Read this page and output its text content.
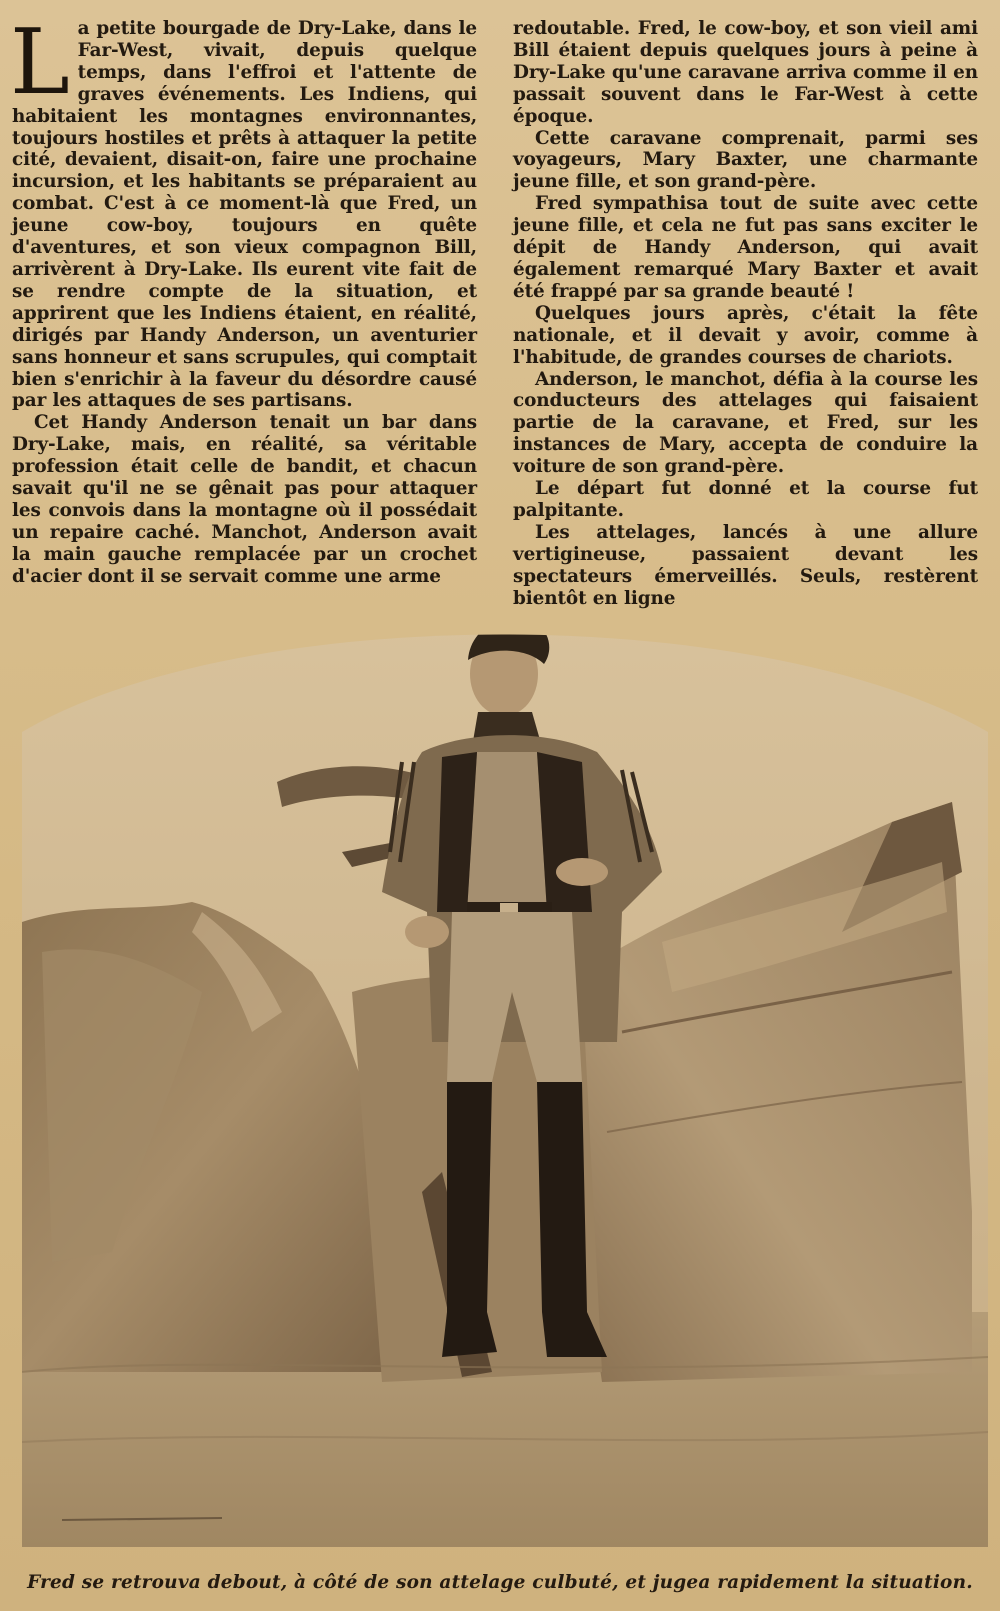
La petite bourgade de Dry-Lake, dans le Far-West, vivait, depuis quelque temps, dans l'effroi et l'attente de graves événements. Les Indiens, qui habitaient les montagnes environnantes, toujours hostiles et prêts à attaquer la petite cité, devaient, disait-on, faire une prochaine incursion, et les habitants se préparaient au combat. C'est à ce moment-là que Fred, un jeune cow-boy, toujours en quête d'aventures, et son vieux compagnon Bill, arrivèrent à Dry-Lake. Ils eurent vite fait de se rendre compte de la situation, et apprirent que les Indiens étaient, en réalité, dirigés par Handy Anderson, un aventurier sans honneur et sans scrupules, qui comptait bien s'enrichir à la faveur du désordre causé par les attaques de ses partisans.

Cet Handy Anderson tenait un bar dans Dry-Lake, mais, en réalité, sa véritable profession était celle de bandit, et chacun savait qu'il ne se gênait pas pour attaquer les convois dans la montagne où il possédait un repaire caché. Manchot, Anderson avait la main gauche remplacée par un crochet d'acier dont il se servait comme une arme

redoutable. Fred, le cow-boy, et son vieil ami Bill étaient depuis quelques jours à peine à Dry-Lake qu'une caravane arriva comme il en passait souvent dans le Far-West à cette époque.

Cette caravane comprenait, parmi ses voyageurs, Mary Baxter, une charmante jeune fille, et son grand-père.

Fred sympathisa tout de suite avec cette jeune fille, et cela ne fut pas sans exciter le dépit de Handy Anderson, qui avait également remarqué Mary Baxter et avait été frappé par sa grande beauté !

Quelques jours après, c'était la fête nationale, et il devait y avoir, comme à l'habitude, de grandes courses de chariots.

Anderson, le manchot, défia à la course les conducteurs des attelages qui faisaient partie de la caravane, et Fred, sur les instances de Mary, accepta de conduire la voiture de son grand-père.

Le départ fut donné et la course fut palpitante.

Les attelages, lancés à une allure vertigineuse, passaient devant les spectateurs émerveillés. Seuls, restèrent bientôt en ligne

Fred se retrouva debout, à côté de son attelage culbuté, et jugea rapidement la situation.
